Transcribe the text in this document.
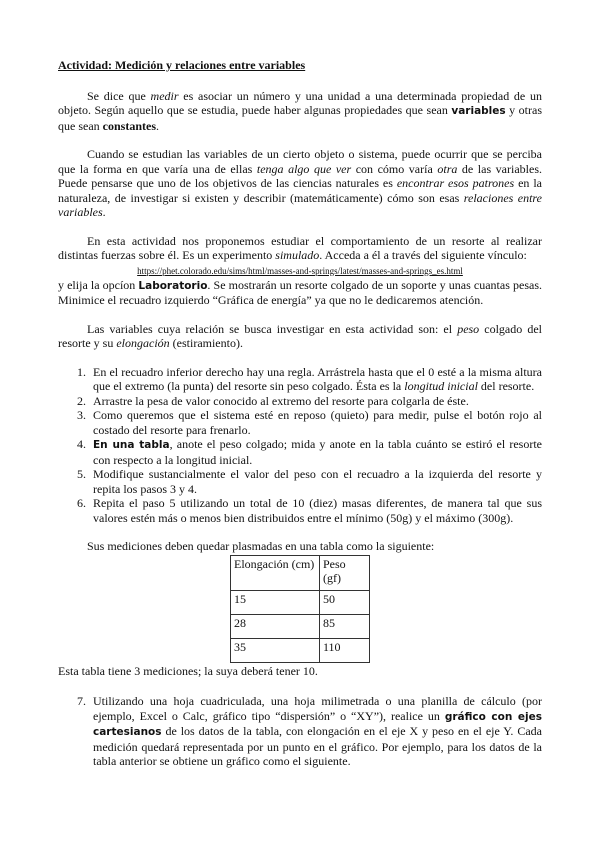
Actividad: Medición y relaciones entre variables

Se dice que medir es asociar un número y una unidad a una determinada propiedad de un objeto. Según aquello que se estudia, puede haber algunas propiedades que sean variables y otras que sean constantes.

Cuando se estudian las variables de un cierto objeto o sistema, puede ocurrir que se perciba que la forma en que varía una de ellas tenga algo que ver con cómo varía otra de las variables. Puede pensarse que uno de los objetivos de las ciencias naturales es encontrar esos patrones en la naturaleza, de investigar si existen y describir (matemáticamente) cómo son esas relaciones entre variables.

En esta actividad nos proponemos estudiar el comportamiento de un resorte al realizar distintas fuerzas sobre él. Es un experimento simulado. Acceda a él a través del siguiente vínculo:

https://phet.colorado.edu/sims/html/masses-and-springs/latest/masses-and-springs_es.html

y elija la opcíon Laboratorio. Se mostrarán un resorte colgado de un soporte y unas cuantas pesas. Minimice el recuadro izquierdo “Gráfica de energía” ya que no le dedicaremos atención.

Las variables cuya relación se busca investigar en esta actividad son: el peso colgado del resorte y su elongación (estiramiento).

1. En el recuadro inferior derecho hay una regla. Arrástrela hasta que el 0 esté a la misma altura que el extremo (la punta) del resorte sin peso colgado. Ésta es la longitud inicial del resorte.
2. Arrastre la pesa de valor conocido al extremo del resorte para colgarla de éste.
3. Como queremos que el sistema esté en reposo (quieto) para medir, pulse el botón rojo al costado del resorte para frenarlo.
4. En una tabla, anote el peso colgado; mida y anote en la tabla cuánto se estiró el resorte con respecto a la longitud inicial.
5. Modifique sustancialmente el valor del peso con el recuadro a la izquierda del resorte y repita los pasos 3 y 4.
6. Repita el paso 5 utilizando un total de 10 (diez) masas diferentes, de manera tal que sus valores estén más o menos bien distribuidos entre el mínimo (50g) y el máximo (300g).

Sus mediciones deben quedar plasmadas en una tabla como la siguiente:

Elongación (cm)	Peso (gf)
15	50
28	85
35	110

Esta tabla tiene 3 mediciones; la suya deberá tener 10.

7. Utilizando una hoja cuadriculada, una hoja milimetrada o una planilla de cálculo (por ejemplo, Excel o Calc, gráfico tipo “dispersión” o “XY”), realice un gráfico con ejes cartesianos de los datos de la tabla, con elongación en el eje X y peso en el eje Y. Cada medición quedará representada por un punto en el gráfico. Por ejemplo, para los datos de la tabla anterior se obtiene un gráfico como el siguiente.
